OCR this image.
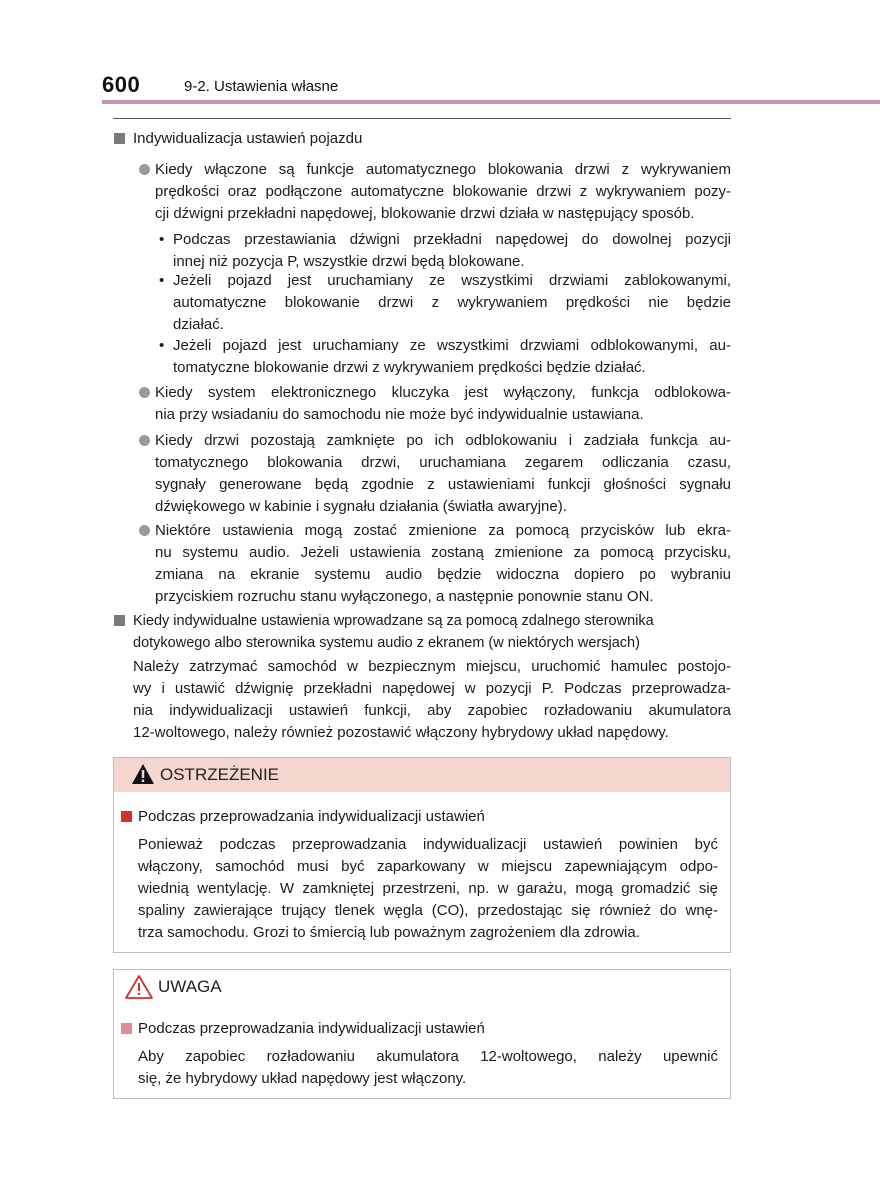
600	9-2. Ustawienia własne
Indywidualizacja ustawień pojazdu
Kiedy włączone są funkcje automatycznego blokowania drzwi z wykrywaniem
prędkości oraz podłączone automatyczne blokowanie drzwi z wykrywaniem pozy-
cji dźwigni przekładni napędowej, blokowanie drzwi działa w następujący sposób.
• Podczas przestawiania dźwigni przekładni napędowej do dowolnej pozycji
innej niż pozycja P, wszystkie drzwi będą blokowane.
• Jeżeli pojazd jest uruchamiany ze wszystkimi drzwiami zablokowanymi,
automatyczne blokowanie drzwi z wykrywaniem prędkości nie będzie
działać.
• Jeżeli pojazd jest uruchamiany ze wszystkimi drzwiami odblokowanymi, au-
tomatyczne blokowanie drzwi z wykrywaniem prędkości będzie działać.
Kiedy system elektronicznego kluczyka jest wyłączony, funkcja odblokowa-
nia przy wsiadaniu do samochodu nie może być indywidualnie ustawiana.
Kiedy drzwi pozostają zamknięte po ich odblokowaniu i zadziała funkcja au-
tomatycznego blokowania drzwi, uruchamiana zegarem odliczania czasu,
sygnały generowane będą zgodnie z ustawieniami funkcji głośności sygnału
dźwiękowego w kabinie i sygnału działania (światła awaryjne).
Niektóre ustawienia mogą zostać zmienione za pomocą przycisków lub ekra-
nu systemu audio. Jeżeli ustawienia zostaną zmienione za pomocą przycisku,
zmiana na ekranie systemu audio będzie widoczna dopiero po wybraniu
przyciskiem rozruchu stanu wyłączonego, a następnie ponownie stanu ON.
Kiedy indywidualne ustawienia wprowadzane są za pomocą zdalnego sterownika
dotykowego albo sterownika systemu audio z ekranem (w niektórych wersjach)
Należy zatrzymać samochód w bezpiecznym miejscu, uruchomić hamulec postojo-
wy i ustawić dźwignię przekładni napędowej w pozycji P. Podczas przeprowadza-
nia indywidualizacji ustawień funkcji, aby zapobiec rozładowaniu akumulatora
12-woltowego, należy również pozostawić włączony hybrydowy układ napędowy.
OSTRZEŻENIE
Podczas przeprowadzania indywidualizacji ustawień
Ponieważ podczas przeprowadzania indywidualizacji ustawień powinien być
włączony, samochód musi być zaparkowany w miejscu zapewniającym odpo-
wiednią wentylację. W zamkniętej przestrzeni, np. w garażu, mogą gromadzić się
spaliny zawierające trujący tlenek węgla (CO), przedostając się również do wnę-
trza samochodu. Grozi to śmiercią lub poważnym zagrożeniem dla zdrowia.
UWAGA
Podczas przeprowadzania indywidualizacji ustawień
Aby zapobiec rozładowaniu akumulatora 12-woltowego, należy upewnić
się, że hybrydowy układ napędowy jest włączony.
